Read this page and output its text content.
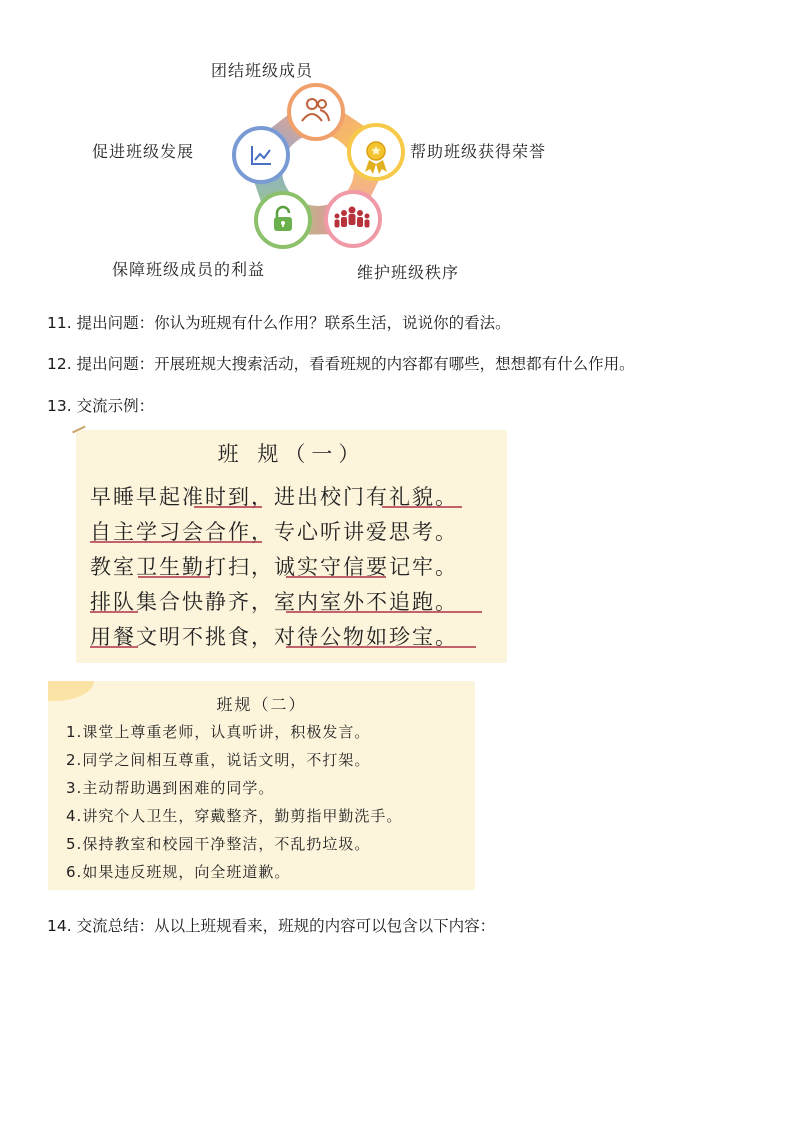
团结班级成员
帮助班级获得荣誉
维护班级秩序
保障班级成员的利益
促进班级发展
11. 提出问题：你认为班规有什么作用？联系生活，说说你的看法。
12. 提出问题：开展班规大搜索活动，看看班规的内容都有哪些，想想都有什么作用。
13. 交流示例：
班 规（一）
早睡早起准时到，进出校门有礼貌。
自主学习会合作，专心听讲爱思考。
教室卫生勤打扫，诚实守信要记牢。
排队集合快静齐，室内室外不追跑。
用餐文明不挑食，对待公物如珍宝。
班规（二）
1.课堂上尊重老师，认真听讲，积极发言。
2.同学之间相互尊重，说话文明，不打架。
3.主动帮助遇到困难的同学。
4.讲究个人卫生，穿戴整齐，勤剪指甲勤洗手。
5.保持教室和校园干净整洁，不乱扔垃圾。
6.如果违反班规，向全班道歉。
14. 交流总结：从以上班规看来，班规的内容可以包含以下内容：
